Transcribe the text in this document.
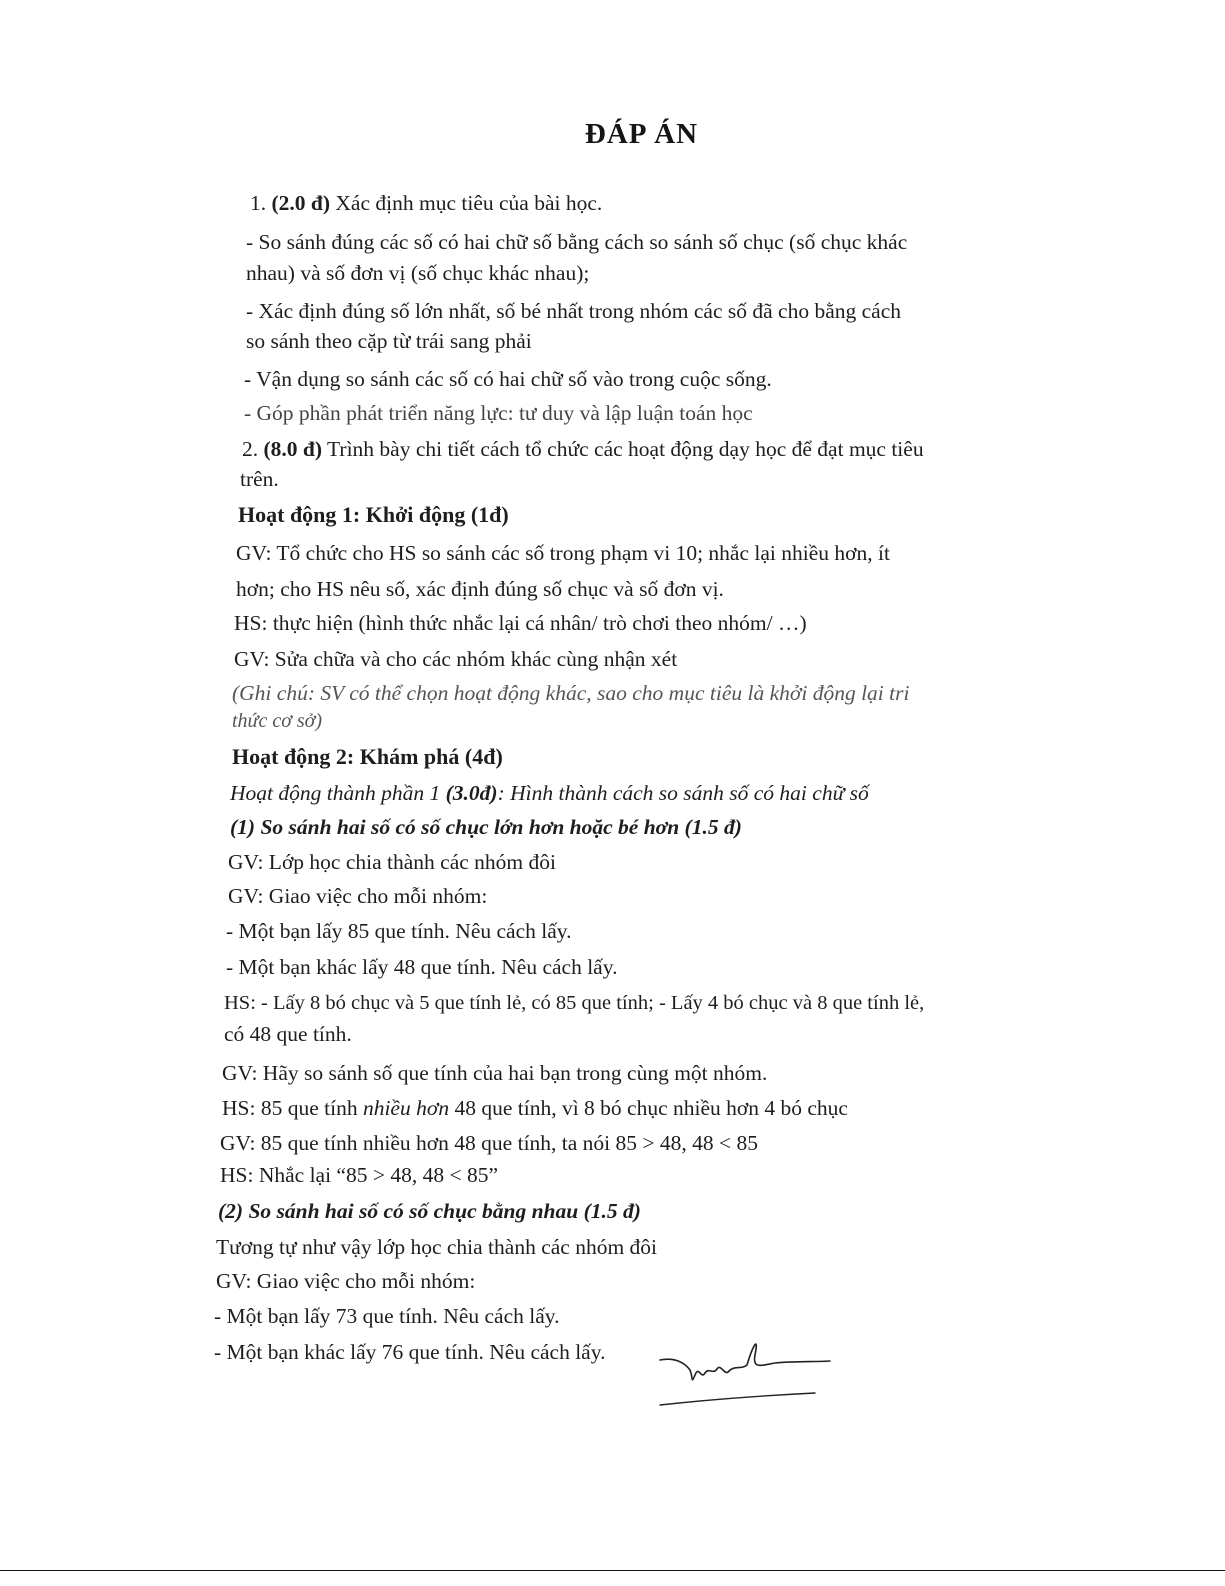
ĐÁP ÁN
1. (2.0 đ) Xác định mục tiêu của bài học.
- So sánh đúng các số có hai chữ số bằng cách so sánh số chục (số chục khác
nhau) và số đơn vị (số chục khác nhau);
- Xác định đúng số lớn nhất, số bé nhất trong nhóm các số đã cho bằng cách
so sánh theo cặp từ trái sang phải
- Vận dụng so sánh các số có hai chữ số vào trong cuộc sống.
- Góp phần phát triển năng lực: tư duy và lập luận toán học
2. (8.0 đ) Trình bày chi tiết cách tổ chức các hoạt động dạy học để đạt mục tiêu
trên.
Hoạt động 1: Khởi động (1đ)
GV: Tổ chức cho HS so sánh các số trong phạm vi 10; nhắc lại nhiều hơn, ít
hơn; cho HS nêu số, xác định đúng số chục và số đơn vị.
HS: thực hiện (hình thức nhắc lại cá nhân/ trò chơi theo nhóm/ …)
GV: Sửa chữa và cho các nhóm khác cùng nhận xét
(Ghi chú: SV có thể chọn hoạt động khác, sao cho mục tiêu là khởi động lại tri
thức cơ sở)
Hoạt động 2: Khám phá (4đ)
Hoạt động thành phần 1 (3.0đ): Hình thành cách so sánh số có hai chữ số
(1) So sánh hai số có số chục lớn hơn hoặc bé hơn (1.5 đ)
GV: Lớp học chia thành các nhóm đôi
GV: Giao việc cho mỗi nhóm:
- Một bạn lấy 85 que tính. Nêu cách lấy.
- Một bạn khác lấy 48 que tính. Nêu cách lấy.
HS: - Lấy 8 bó chục và 5 que tính lẻ, có 85 que tính; - Lấy 4 bó chục và 8 que tính lẻ,
có 48 que tính.
GV: Hãy so sánh số que tính của hai bạn trong cùng một nhóm.
HS: 85 que tính nhiều hơn 48 que tính, vì 8 bó chục nhiều hơn 4 bó chục
GV: 85 que tính nhiều hơn 48 que tính, ta nói 85 > 48, 48 < 85
HS: Nhắc lại “85 > 48, 48 < 85”
(2) So sánh hai số có số chục bằng nhau (1.5 đ)
Tương tự như vậy lớp học chia thành các nhóm đôi
GV: Giao việc cho mỗi nhóm:
- Một bạn lấy 73 que tính. Nêu cách lấy.
- Một bạn khác lấy 76 que tính. Nêu cách lấy.
